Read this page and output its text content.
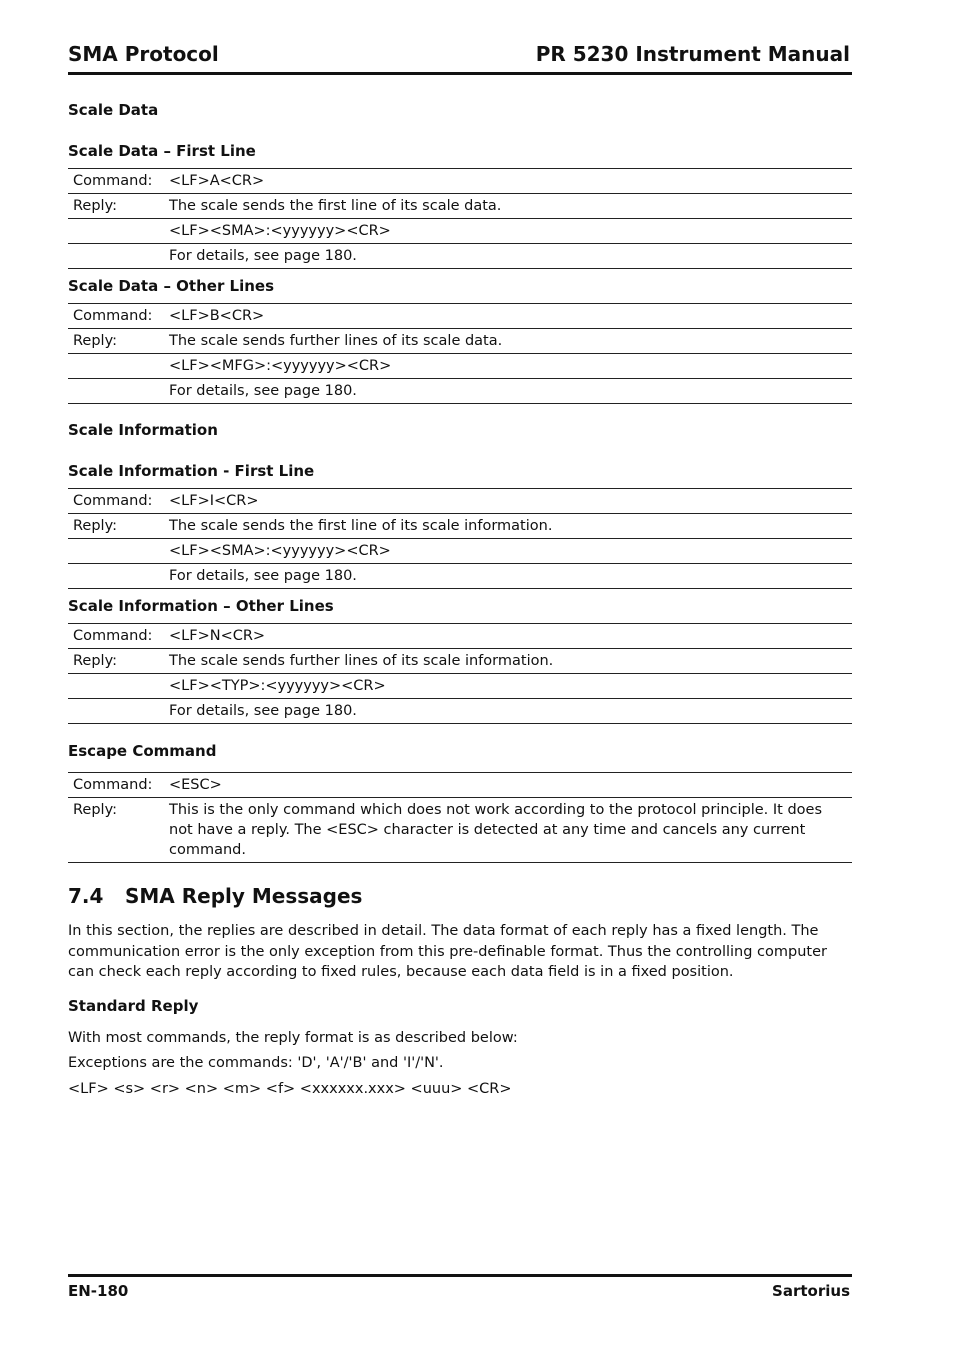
SMA Protocol	PR 5230 Instrument Manual
Scale Data
Scale Data – First Line
Command:	<LF>A<CR>
Reply:	The scale sends the first line of its scale data.
	<LF><SMA>:<yyyyyy><CR>
	For details, see page 180.
Scale Data – Other Lines
Command:	<LF>B<CR>
Reply:	The scale sends further lines of its scale data.
	<LF><MFG>:<yyyyyy><CR>
	For details, see page 180.
Scale Information
Scale Information - First Line
Command:	<LF>I<CR>
Reply:	The scale sends the first line of its scale information.
	<LF><SMA>:<yyyyyy><CR>
	For details, see page 180.
Scale Information – Other Lines
Command:	<LF>N<CR>
Reply:	The scale sends further lines of its scale information.
	<LF><TYP>:<yyyyyy><CR>
	For details, see page 180.
Escape Command
Command:	<ESC>
Reply:	This is the only command which does not work according to the protocol principle. It does not have a reply. The <ESC> character is detected at any time and cancels any current command.
7.4 SMA Reply Messages
In this section, the replies are described in detail. The data format of each reply has a fixed length. The communication error is the only exception from this pre-definable format. Thus the controlling computer can check each reply according to fixed rules, because each data field is in a fixed position.
Standard Reply
With most commands, the reply format is as described below:
Exceptions are the commands: 'D', 'A'/'B' and 'I'/'N'.
<LF> <s> <r> <n> <m> <f> <xxxxxx.xxx> <uuu> <CR>
EN-180	Sartorius
